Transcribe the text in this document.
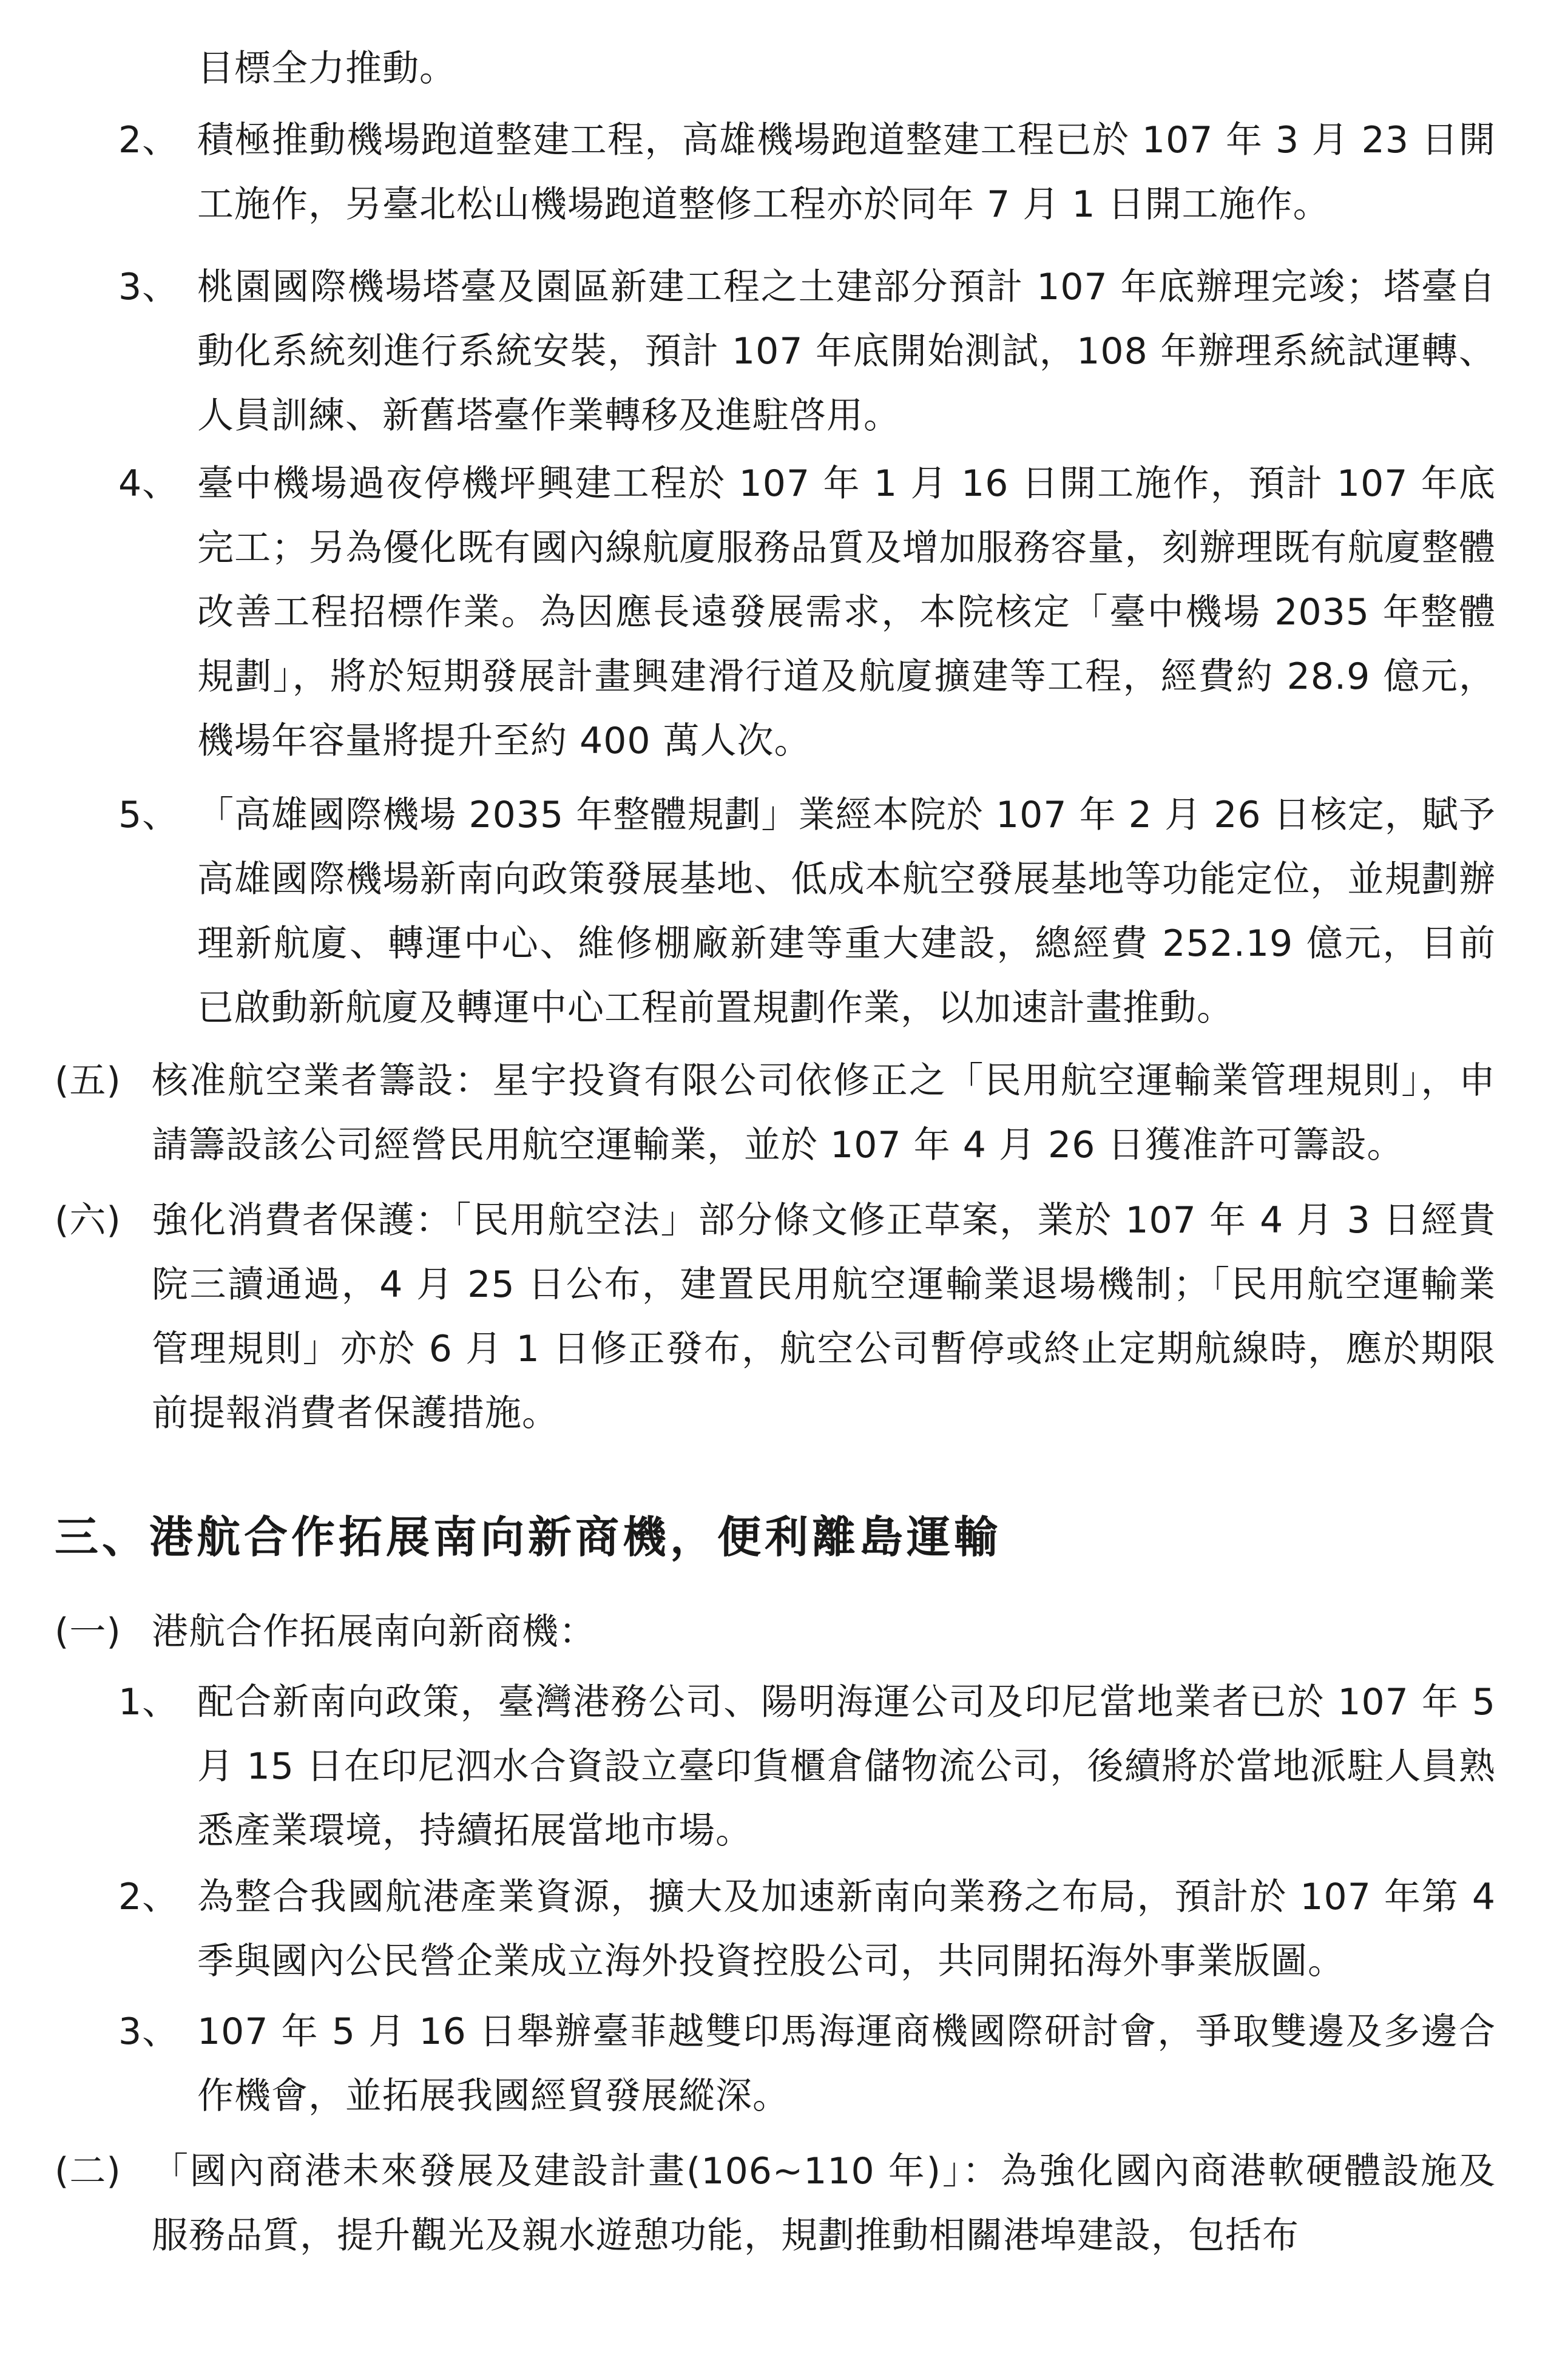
目標全力推動。

2、 積極推動機場跑道整建工程，高雄機場跑道整建工程已於 107 年 3 月 23 日開工施作，另臺北松山機場跑道整修工程亦於同年 7 月 1 日開工施作。
3、 桃園國際機場塔臺及園區新建工程之土建部分預計 107 年底辦理完竣；塔臺自動化系統刻進行系統安裝，預計 107 年底開始測試，108 年辦理系統試運轉、人員訓練、新舊塔臺作業轉移及進駐啓用。
4、 臺中機場過夜停機坪興建工程於 107 年 1 月 16 日開工施作，預計 107 年底完工；另為優化既有國內線航廈服務品質及增加服務容量，刻辦理既有航廈整體改善工程招標作業。為因應長遠發展需求，本院核定「臺中機場 2035 年整體規劃」，將於短期發展計畫興建滑行道及航廈擴建等工程，經費約 28.9 億元，機場年容量將提升至約 400 萬人次。
5、 「高雄國際機場 2035 年整體規劃」業經本院於 107 年 2 月 26 日核定，賦予高雄國際機場新南向政策發展基地、低成本航空發展基地等功能定位，並規劃辦理新航廈、轉運中心、維修棚廠新建等重大建設，總經費 252.19 億元，目前已啟動新航廈及轉運中心工程前置規劃作業，以加速計畫推動。
(五) 核准航空業者籌設：星宇投資有限公司依修正之「民用航空運輸業管理規則」，申請籌設該公司經營民用航空運輸業，並於 107 年 4 月 26 日獲准許可籌設。
(六) 強化消費者保護：「民用航空法」部分條文修正草案，業於 107 年 4 月 3 日經貴院三讀通過，4 月 25 日公布，建置民用航空運輸業退場機制；「民用航空運輸業管理規則」亦於 6 月 1 日修正發布，航空公司暫停或終止定期航線時，應於期限前提報消費者保護措施。
三、港航合作拓展南向新商機，便利離島運輸
(一) 港航合作拓展南向新商機：
1、 配合新南向政策，臺灣港務公司、陽明海運公司及印尼當地業者已於 107 年 5 月 15 日在印尼泗水合資設立臺印貨櫃倉儲物流公司，後續將於當地派駐人員熟悉產業環境，持續拓展當地市場。
2、 為整合我國航港產業資源，擴大及加速新南向業務之布局，預計於 107 年第 4 季與國內公民營企業成立海外投資控股公司，共同開拓海外事業版圖。
3、 107 年 5 月 16 日舉辦臺菲越雙印馬海運商機國際研討會，爭取雙邊及多邊合作機會，並拓展我國經貿發展縱深。
(二) 「國內商港未來發展及建設計畫(106~110 年)」：為強化國內商港軟硬體設施及服務品質，提升觀光及親水遊憩功能，規劃推動相關港埠建設，包括布
